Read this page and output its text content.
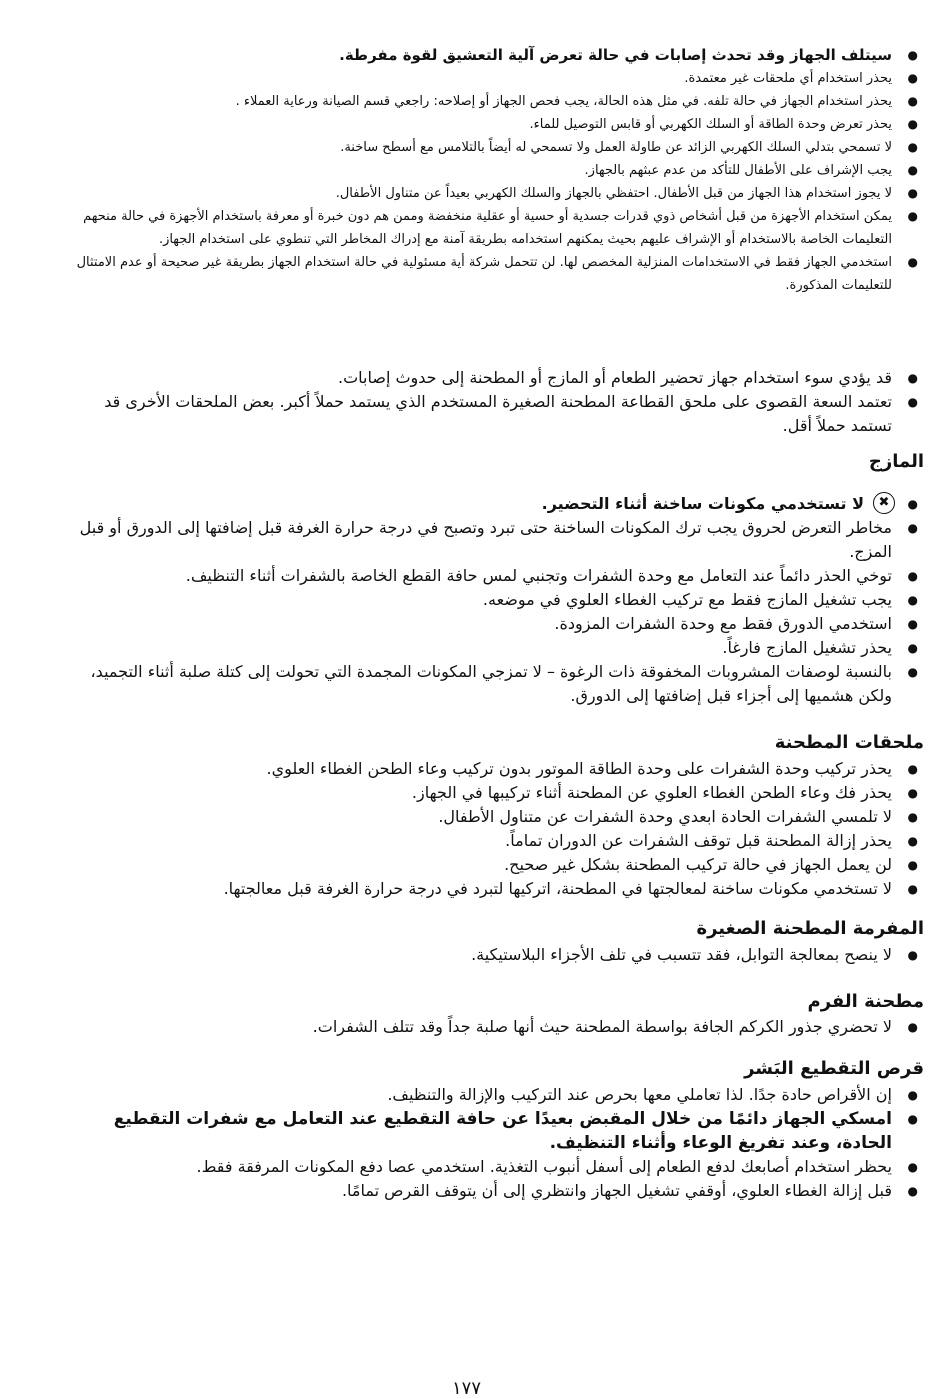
● سيتلف الجهاز وقد تحدث إصابات في حالة تعرض آلية التعشيق لقوة مفرطة.
● يحذر استخدام أي ملحقات غير معتمدة.
● يحذر استخدام الجهاز في حالة تلفه. في مثل هذه الحالة، يجب فحص الجهاز أو إصلاحه: راجعي قسم الصيانة ورعاية العملاء .
● يحذر تعرض وحدة الطاقة أو السلك الكهربي أو قابس التوصيل للماء.
● لا تسمحي بتدلي السلك الكهربي الزائد عن طاولة العمل ولا تسمحي له أيضاً بالتلامس مع أسطح ساخنة.
● يجب الإشراف على الأطفال للتأكد من عدم عبثهم بالجهاز.
● لا يجوز استخدام هذا الجهاز من قبل الأطفال. احتفظي بالجهاز والسلك الكهربي بعيداً عن متناول الأطفال.
● يمكن استخدام الأجهزة من قبل أشخاص ذوي قدرات جسدية أو حسية أو عقلية منخفضة وممن هم دون خبرة أو معرفة باستخدام الأجهزة في حالة منحهم التعليمات الخاصة بالاستخدام أو الإشراف عليهم بحيث يمكنهم استخدامه بطريقة آمنة مع إدراك المخاطر التي تنطوي على استخدام الجهاز.
● استخدمي الجهاز فقط في الاستخدامات المنزلية المخصص لها. لن تتحمل شركة أية مسئولية في حالة استخدام الجهاز بطريقة غير صحيحة أو عدم الامتثال للتعليمات المذكورة.
● قد يؤدي سوء استخدام جهاز تحضير الطعام أو المازج أو المطحنة إلى حدوث إصابات.
● تعتمد السعة القصوى على ملحق القطاعة المطحنة الصغيرة المستخدم الذي يستمد حملاً أكبر. بعض الملحقات الأخرى قد تستمد حملاً أقل.
المازج
✖
● لا تستخدمي مكونات ساخنة أثناء التحضير.
● مخاطر التعرض لحروق يجب ترك المكونات الساخنة حتى تبرد وتصبح في درجة حرارة الغرفة قبل إضافتها إلى الدورق أو قبل المزج.
● توخي الحذر دائماً عند التعامل مع وحدة الشفرات وتجنبي لمس حافة القطع الخاصة بالشفرات أثناء التنظيف.
● يجب تشغيل المازج فقط مع تركيب الغطاء العلوي في موضعه.
● استخدمي الدورق فقط مع وحدة الشفرات المزودة.
● يحذر تشغيل المازج فارغاً.
● بالنسبة لوصفات المشروبات المخفوقة ذات الرغوة – لا تمزجي المكونات المجمدة التي تحولت إلى كتلة صلبة أثناء التجميد، ولكن هشميها إلى أجزاء قبل إضافتها إلى الدورق.
ملحقات المطحنة
● يحذر تركيب وحدة الشفرات على وحدة الطاقة الموتور بدون تركيب وعاء الطحن الغطاء العلوي.
● يحذر فك وعاء الطحن الغطاء العلوي عن المطحنة أثناء تركيبها في الجهاز.
● لا تلمسي الشفرات الحادة ابعدي وحدة الشفرات عن متناول الأطفال.
● يحذر إزالة المطحنة قبل توقف الشفرات عن الدوران تماماً.
● لن يعمل الجهاز في حالة تركيب المطحنة بشكل غير صحيح.
● لا تستخدمي مكونات ساخنة لمعالجتها في المطحنة، اتركيها لتبرد في درجة حرارة الغرفة قبل معالجتها.
المفرمة المطحنة الصغيرة
● لا ينصح بمعالجة التوابل، فقد تتسبب في تلف الأجزاء البلاستيكية.
مطحنة الفرم
● لا تحضري جذور الكركم الجافة بواسطة المطحنة حيث أنها صلبة جداً وقد تتلف الشفرات.
قرص التقطيع البَشر
● إن الأقراص حادة جدًا. لذا تعاملي معها بحرص عند التركيب والإزالة والتنظيف.
● امسكي الجهاز دائمًا من خلال المقبض بعيدًا عن حافة التقطيع عند التعامل مع شفرات التقطيع الحادة، وعند تفريغ الوعاء وأثناء التنظيف.
● يحظر استخدام أصابعك لدفع الطعام إلى أسفل أنبوب التغذية. استخدمي عصا دفع المكونات المرفقة فقط.
● قبل إزالة الغطاء العلوي، أوقفي تشغيل الجهاز وانتظري إلى أن يتوقف القرص تمامًا.
١٧٧
